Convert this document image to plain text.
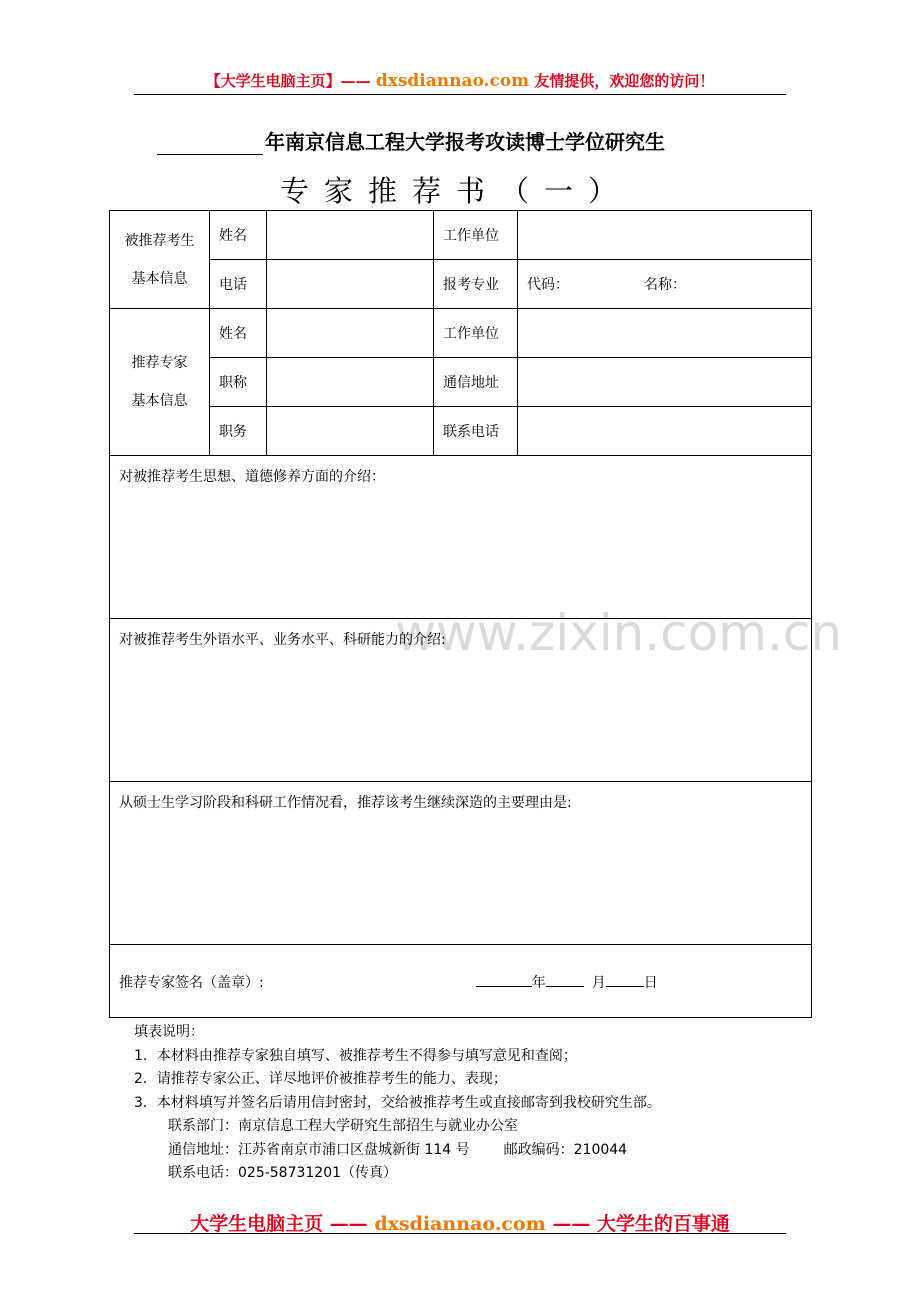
【大学生电脑主页】—— dxsdiannao.com 友情提供，欢迎您的访问！
年南京信息工程大学报考攻读博士学位研究生
专家推荐书（一）
www.zixin.com.cn
被推荐考生
基本信息	姓名		工作单位	
	电话		报考专业	代码： 名称：

推荐专家
基本信息	姓名		工作单位	
	职称		通信地址	
	职务		联系电话	
对被推荐考生思想、道德修养方面的介绍：				
对被推荐考生外语水平、业务水平、科研能力的介绍:				
从硕士生学习阶段和科研工作情况看，推荐该考生继续深造的主要理由是:				
推荐专家签名（盖章）: 年 月 日				
填表说明：
1．本材料由推荐专家独自填写、被推荐考生不得参与填写意见和查阅；
2．请推荐专家公正、详尽地评价被推荐考生的能力、表现；
3．本材料填写并签名后请用信封密封，交给被推荐考生或直接邮寄到我校研究生部。
联系部门：南京信息工程大学研究生部招生与就业办公室
通信地址：江苏省南京市浦口区盘城新街 114 号 邮政编码：210044
联系电话：025-58731201（传真）
大学生电脑主页 —— dxsdiannao.com —— 大学生的百事通
